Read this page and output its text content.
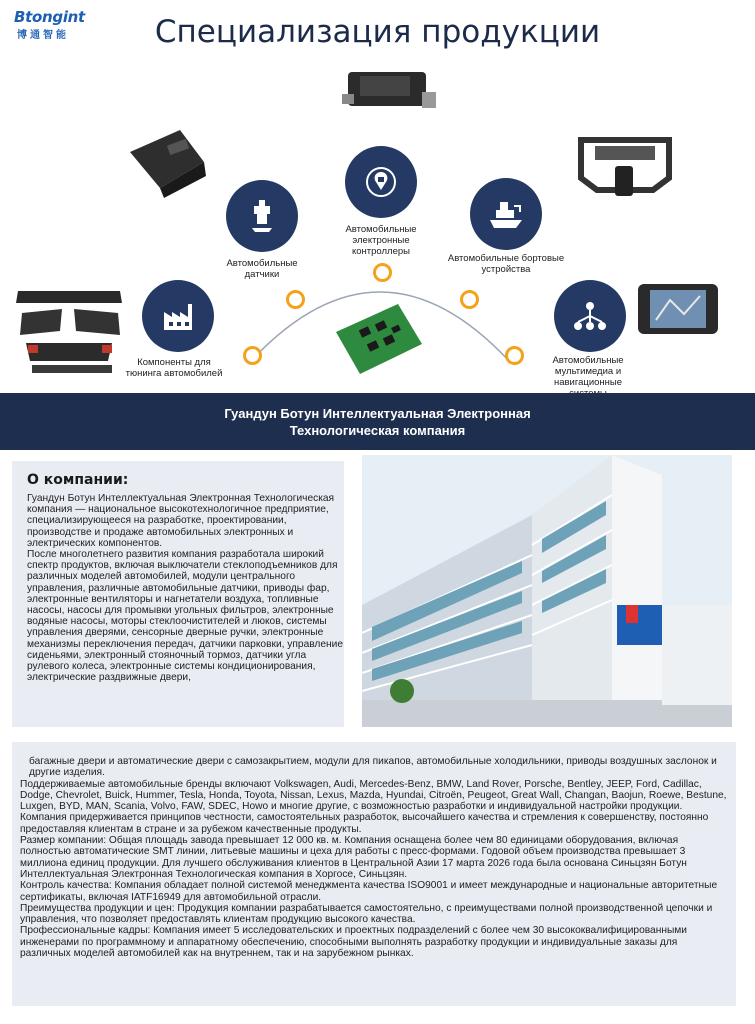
Btongint
博通智能	Специализация продукции
Компоненты для тюнинга автомобилей
Автомобильные датчики
Автомобильные электронные контроллеры
Автомобильные бортовые устройства
Автомобильные мультимедиа и навигационные
Гуандун Ботун Интеллектуальная Электронная
Технологическая компания
О компании:

Гуандун Ботун Интеллектуальная Электронная Технологическая компания — национальное высокотехнологичное предприятие, специализирующееся на разработке, проектировании, производстве и продаже автомобильных электронных и электрических компонентов.

После многолетнего развития компания разработала широкий спектр продуктов, включая выключатели стеклоподъемников для различных моделей автомобилей, модули центрального управления, различные автомобильные датчики, приводы фар, электронные вентиляторы и нагнетатели воздуха, топливные насосы, насосы для промывки угольных фильтров, электронные водяные насосы, моторы стеклоочистителей и люков, системы управления дверями, сенсорные дверные ручки, электронные механизмы переключения передач, датчики парковки, управление сиденьями, электронный стояночный тормоз, датчики угла рулевого колеса, электронные системы кондиционирования, электрические раздвижные двери,

багажные двери и автоматические двери с самозакрытием, модули для пикапов, автомобильные холодильники, приводы воздушных заслонок и другие изделия.

Поддерживаемые автомобильные бренды включают Volkswagen, Audi, Mercedes-Benz, BMW, Land Rover, Porsche, Bentley, JEEP, Ford, Cadillac, Dodge, Chevrolet, Buick, Hummer, Tesla, Honda, Toyota, Nissan, Lexus, Mazda, Hyundai, Citroën, Peugeot, Great Wall, Changan, Baojun, Roewe, Bestune, Luxgen, BYD, MAN, Scania, Volvo, FAW, SDEC, Howo и многие другие, с возможностью разработки и индивидуальной настройки продукции.

Компания придерживается принципов честности, самостоятельных разработок, высочайшего качества и стремления к совершенству, постоянно предоставляя клиентам в стране и за рубежом качественные продукты.

Размер компании: Общая площадь завода превышает 12 000 кв. м. Компания оснащена более чем 80 единицами оборудования, включая полностью автоматические SMT линии, литьевые машины и цеха для работы с пресс-формами. Годовой объем производства превышает 3 миллиона единиц продукции. Для лучшего обслуживания клиентов в Центральной Азии 17 марта 2026 года была основана Синьцзян Ботун Интеллектуальная Электронная Технологическая компания в Хоргосе, Синьцзян.

Контроль качества: Компания обладает полной системой менеджмента качества ISO9001 и имеет международные и национальные авторитетные сертификаты, включая IATF16949 для автомобильной отрасли.

Преимущества продукции и цен: Продукция компании разрабатывается самостоятельно, с преимуществами полной производственной цепочки и управления, что позволяет предоставлять клиентам продукцию высокого качества.

Профессиональные кадры: Компания имеет 5 исследовательских и проектных подразделений с более чем 30 высококвалифицированными инженерами по программному и аппаратному обеспечению, способными выполнять разработку продукции и индивидуальные заказы для различных моделей автомобилей как на внутреннем, так и на зарубежном рынках.
